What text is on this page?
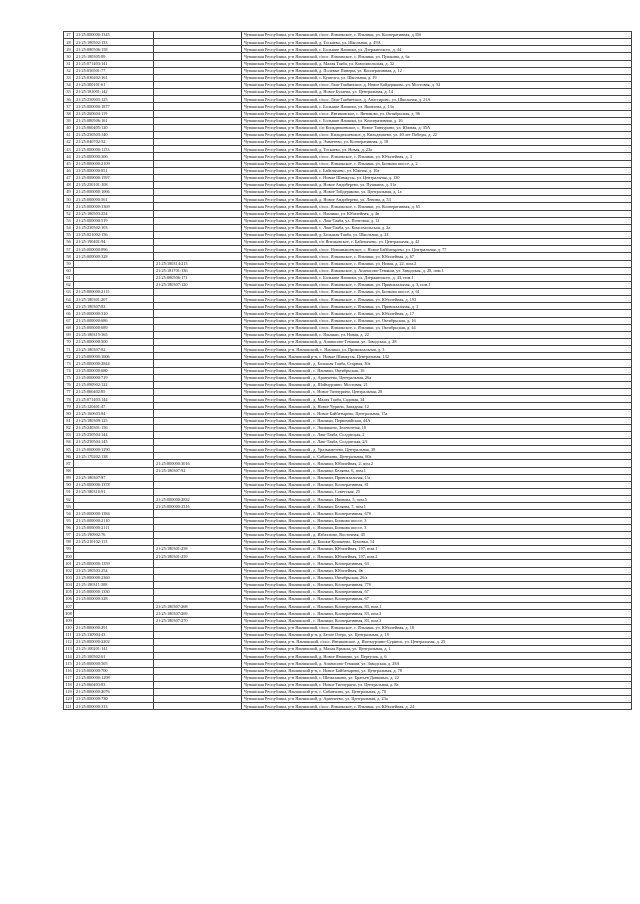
27	21:25:000000:1345		Чувашская Республика, р-н Яльчикский, с/пос. Яльчикское, с. Яльчики, ул. Кооперативная, д.35б
28	21:25:180502:133		Чувашская Республика, р-н Яльчикский, д. Тоскаево, ул. Школьная, д. 49А
29	21:25:080506:158		Чувашская Республика, р-н Яльчикский, с. Большие Яльчики, ул. Дзержинского, д. 44
30	21:25:180305:89		Чувашская Республика, р-н Яльчикский, с/пос. Яльчикское, с. Яльчики, ул. Пушкина, д. 6а
31	21:25:071403:141		Чувашская Республика, р-н Яльчикский, д. Малая Таяба, ул. Комсомольская, д. 32
32	21:25:050501:77		Чувашская Республика, р-н Яльчикский, д. Полевые Пинеры, ул. Кооперативная, д. 12
33	21:25:030202:161		Чувашская Республика, р-н Яльчикский, с. Кушелга, ул. Школьная, д. 19
34	21:25:300101:61		Чувашская Республика, р-н Яльчикский, с/пос. Лаш-Таябинское, д. Новое Байдеряково, ул. Мостовая, д. 52
35	21:25:181001:142		Чувашская Республика, р-н Яльчикский, д. Новое Булаево, ул. Центральная, д. 14
36	21:25:250903:125		Чувашская Республика, р-н Яльчикский, с/пос. Лаш-Таябинское, д. Anастирово, ул. Школьная, д. 21А
37	21:25:000000:1877		Чувашская Республика, р-н Яльчикский, с. Большие Яльчики, ул. Яковлева, д. 13а
38	21:25:260604:119		Чувашская Республика, р-н Яльчикский, с/пос. Янтиковское, с. Янтиково, ул. Октябрьская, д. 96
39	21:25:080506:161		Чувашская Республика, р-н Яльчикский, с. Большие Яльчики, ул. Кооперативная, д. 16
40	21:25:060405:120		Чувашская Республика, р-н Яльчикский, с/п Кильдюшевское, с. Новое Тинчурино, ул. Южная, д. 35А
41	21:25:250503:140		Чувашская Республика, р-н Яльчикский, с/пос. Кильдюшевское, д. Кильдюшево, ул. 40 лет Победы, д. 22
42	21:25:040702:52		Чувашская Республика, р-н Яльчикский, д. Эмметево, ул. Кооперативная, д. 18
43	21:25:000000:1153		Чувашская Республика, р-н Яльчикский, д. Тоскаево, ул. Новая, д. 23а
44	21:25:000000:306		Чувашская Республика, р-н Яльчикский, с/пос. Яльчикское, с. Яльчики, ул. Юбилейная, д. 3
45	21:25:000000:2109		Чувашская Республика, р-н Яльчикский, с/пос. Яльчикское, с. Яльчики, ул. Бичкова шоссе, д. 2
46	21:25:000000:851		Чувашская Республика, р-н Яльчикский, с. Байглычево, ул. Южная, д. 10а
47	21:25:000000:1597		Чувашская Республика, р-н Яльчикский, с. Новые Шимкусы, ул. Центральная, д. 130
48	21:25:250101:108		Чувашская Республика, р-н Яльчикский, д. Новое Андиберево, ул. Пушкина, д. 31а
49	21:25:000000:1066		Чувашская Республика, р-н Яльчикский, д. Новое Тойдеряково, ул. Центральная, д. 1а
50	21:25:000000:561		Чувашская Республика, р-н Яльчикский, д. Новое Андиберево, ул. Ленина, д. 53
51	21:25:000000:1369		Чувашская Республика, р-н Яльчикский, с/пос. Яльчикское, с. Яльчики, ул. Кооперативная, д. 65
52	21:25:180503:254		Чувашская Республика, р-н Яльчикский, с. Яльчики, ул. Юбилейная, д. 4в
53	21:25:000000:519		Чувашская Республика, р-н Яльчикский, с. Лаш-Таяба, ул. Почтовая, д. 12
54	21:25:230502:103		Чувашская Республика, р-н Яльчикский, с. Лаш-Таяба, ул. Комсомольская, д. 2а
55	21:25:021002:156		Чувашская Республика, р-н Яльчикский, д. Большая Таяба, ул. Школьная, д. 24
56	21:25:190401:94		Чувашская Республика, р-н Яльчикский, с/п Янтиковское, с. Байглычево, ул. Центральная, д. 42
57	21:25:000000:896		Чувашская Республика, р-н Яльчикский, с/пос. Новоянашевское, с. Новое Байбатырево, ул. Центральная, д. 77
58	21:25:000000:328		Чувашская Республика, р-н Яльчикский, с/пос. Яльчикское, с. Яльчики, ул. Юбилейная, д. 67
59		21:25:180314:215	Чувашская Республика, р-н Яльчикский, с/пос. Яльчикское, с. Яльчики, ул. Новая, д. 22, пом.2
60		21:25:181701:136	Чувашская Республика, р-н Яльчикский, с/пос. Яльчикское, д. Апанасово-Темяши, ул. Заводская, д. 28, пом.1
61		21:25:080506:171	Чувашская Республика, р-н Яльчикский, с. Большие Яльчики, ул. Дзержинского, д. 43, пом.1
62		21:25:180307:120	Чувашская Республика, р-н Яльчикский, с/пос. Яльчикское, с. Яльчики, ул. Привокзальная, д. 3, пом.1
63	21:25:000000:2115		Чувашская Республика, р-н Яльчикский, с/пос. Яльчикское, с. Яльчики, ул. Бичкова шоссе, д. 61
64	21:25:180301:207		Чувашская Республика, р-н Яльчикский, с/пос. Яльчикское, с. Яльчики, ул. Юбилейная, д. 193
65	21:25:180307:83		Чувашская Республика, р-н Яльчикский, с/пос. Яльчикское, с. Яльчики, ул. Привокзальная, д. 1
66	21:25:000000:310		Чувашская Республика, р-н Яльчикский, с/пос. Яльчикское, с. Яльчики, ул. Юбилейная, д. 17
67	21:25:000000:686		Чувашская Республика, р-н Яльчикский, с/пос. Яльчикское, с. Яльчики, ул. Октябрьская, д. 16
68	21:25:000000:689		Чувашская Республика, р-н Яльчикский, с/пос. Яльчикское, с. Яльчики, ул. Октябрьская, д. 44
69	21:25:180315:165		Чувашская Республика, р-н Яльчикский, с. Яльчики, ул. Новая, д. 22
70	21:25:000000:500		Чувашская Республика, р-н Яльчикский, д. Апанасово-Темяши, ул. Заводская, д. 28
71	21:25:180307:82		Чувашская Республика, р-н. Яльчикский, с. Яльчики, ул. Привокзальная, д. 3
72	21:25:000000:1606		Чувашская Республика, Яльчикский р-н, с. Новые Шимкусы, Центральная, 132
73	21:25:000000:2844		Чувашская Республика, Яльчикский , д. Большая Таяба, Старная, 30а
74	21:25:000000:680		Чувашская Республика, Яльчикский , с. Яльчики, Октябрьская, 16
75	21:25:000000:719		Чувашская Республика, Яльчикский , д. Аранчеево, Центральная, 26а
76	21:25:090902:122		Чувашская Республика, Яльчикский , д. Шаймурзино, Мостовая, 21
77	21:25:060402:85		Чувашская Республика, Яльчикский , с. Новое Тинчурино, Центральная, 20
78	21:25:071403:144		Чувашская Республика, Яльчикский , д. Малая Таяба, Садовая, 34
79	21:25:120401:47		Чувашская Республика, Яльчикский , д. Новое Чурино, Западная, 12
80	21:25:160603:84		Чувашская Республика, Яльчикский , с. Новое Байбатырево, Центральная, 15а
81	21:25:180309:125		Чувашская Республика, Яльчикский , с. Яльчики, Первомайская, 44А
82	21:25:240301:156		Чувашская Республика, Яльчикский , с. Эшмякино, Зеленотная, 10
83	21:25:250504:144		Чувашская Республика, Яльчикский , с. Лаш-Таяба, Солдатская, 2
84	21:25:250504:145		Чувашская Республика, Яльчикский , с. Лаш-Таяба, Солдатская, 2/1
85	21:25:000000:1290		Чувашская Республика, Яльчикский , д. Уразмаметево, Центральная, 38
86	21:25:170202:138		Чувашская Республика, Яльчикский , с. Сабанчино, Центральная, 60а
87		21:25:000000:3016	Чувашская Республика, Яльчикский , с. Яльчики, Юбилейная, 2, пом.2
88		21:25:180307:92	Чувашская Республика, Яльчикский , с. Яльчики, Беляева, 6, пом.1
89	21:25:180307:87		Чувашская Республика, Яльчикский , с. Яльчики, Привокзальная, 1/а
90	21:25:000000:1378		Чувашская Республика, Яльчикский , с. Яльчики, Кооперативная, 81
91	21:25:180310:91		Чувашская Республика, Яльчикский , с. Яльчики, Советская, 25
92		21:25:000000:2832	Чувашская Республика, Яльчикский , с. Яльчики, Иванова, 5, пом.5
93		21:25:000000:2316	Чувашская Республика, Яльчикский , с. Яльчики, Беляева, 7, пом.1
94	21:25:000000:1384		Чувашская Республика, Яльчикский , с. Яльчики, Кооперативная, 67б
95	21:25:000000:2110		Чувашская Республика, Яльчикский , с. Яльчики, Бичкова шоссе, 3
96	21:25:000000:2111		Чувашская Республика, Яльчикский , с. Яльчики, Бичкова шоссе, 3
97	21:25:190902:76		Чувашская Республика, Яльчикский , д. Избахтино, Восточная, 45
98	21:25:210102:115		Чувашская Республика, Яльчикский , д. Кошки-Куликеево, Бумовка, 14
99		21:25:180301:258	Чувашская Республика, Яльчикский , с. Яльчики, Юбилейная, 197, пом.1
100		21:25:180301:259	Чувашская Республика, Яльчикский , с. Яльчики, Юбилейная, 197, пом.2
101	21:25:000000:1359		Чувашская Республика, Яльчикский , с. Яльчики, Кооперативная, 63
102	21:25:180503:254		Чувашская Республика, Яльчикский , с. Яльчики, Юбилейная, 4в
103	21:25:000000:2360		Чувашская Республика, Яльчикский , с. Яльчики, Октябрьская, 26/а
104	21:25:180311:308		Чувашская Республика, Яльчикский , с. Яльчики, Кооперативная, 77б
105	21:25:000000:1330		Чувашская Республика, Яльчикский , с. Яльчики, Кооперативная, 67
106	21:25:000000:328		Чувашская Республика, Яльчикский , с. Яльчики, Кооперативная, 67
107		21:25:180307:268	Чувашская Республика, Яльчикский , с. Яльчики, Кооперативная, 83, пом.1
108		21:25:180307:269	Чувашская Республика, Яльчикский , с. Яльчики, Кооперативная, 83, пом.2
109		21:25:180307:270	Чувашская Республика, Яльчикский , с. Яльчики, Кооперативная, 83, пом.3
110	21:25:000000:291		Чувашская Республика, р-н Яльчикский, с/пос. Яльчикское, с. Яльчики, ул. Юбилейная, д. 18
111	21:25:130904:43		Чувашская Республика, Яльчикский р-н, д. Белое Озеро, ул. Центральная, д. 19
112	21:25:000000:2202		Чувашская Республика, р-н. Яльчикский, с/пос. Янтиковское, д. Иштмурзино-Суринск, ул. Центральная, д. 25
113	21:25:100201:141		Чувашская Республика, р-н Яльчикский, д. Малая Ерыкла, ул. Центральная, д. 1
114	21:25:100502:61		Чувашская Республика, р-н Яльчикский, д. Новое Янашево, ул. Переулок, д. 6
115	21:25:000000:505		Чувашская Республика, р-н Яльчикский, д. Апанасово-Темяши, ул. Заводская, д. 28А
116	21:25:000000:700		Чувашская Республика, Яльчикский р-н, с. Новое Байбатырево, ул. Центральная, д. 78
117	21:25:000000:1298		Чувашская Республика, р-н Яльчикский, с. Шемалаково, ул. Братьев Данковых, д. 22
118	21:25:060403:83		Чувашская Республика, р-н Яльчикский, с. Новое Тинчурино, ул. Центральная, д. 8а
119	21:25:000000:2076		Чувашская Республика, Яльчикский р-н, с. Сабанчино, ул. Центральная, д. 70
120	21:25:000000:730		Чувашская Республика, р-н Яльчикский, д. Аранчеево, ул. Центральная, д. 23а
121	21:25:000000:313		Чувашская Республика, р-н Яльчикский, с/пос. Яльчикское, с. Яльчики, ул. Юбилейная, д. 24
